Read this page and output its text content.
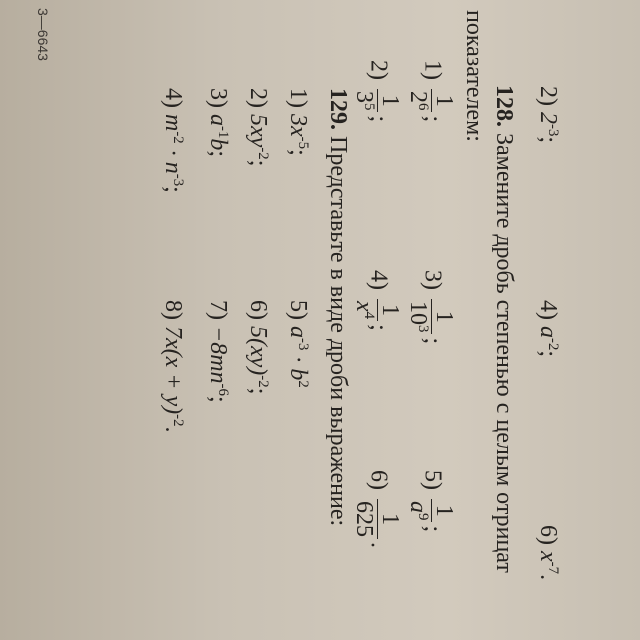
2) $2^{-3}$;
4) $a^{-2}$;
6) $x^{-7}$.
128. Замените дробь степенью с целым отрицат
показателем:
1)
1
$2^6$
;
3)
1
$10^3$
;
5)
1
$a^9$
;
2)
1
$3^5$
;
4)
1
$x^4$
;
6)
1
625
.
129. Представьте в виде дроби выражение:
1) $3x^{-5}$;
2) $5xy^{-2}$;
3) $a^{-1}b$;
4) $m^{-2} \cdot n^{-3}$;
5) $a^{-3} \cdot b^2$
6) 5(xy)$^{-2}$;
$7) -8mn^{-6}$;
8) $7x(x + y)^{-2}$.
3—6643
